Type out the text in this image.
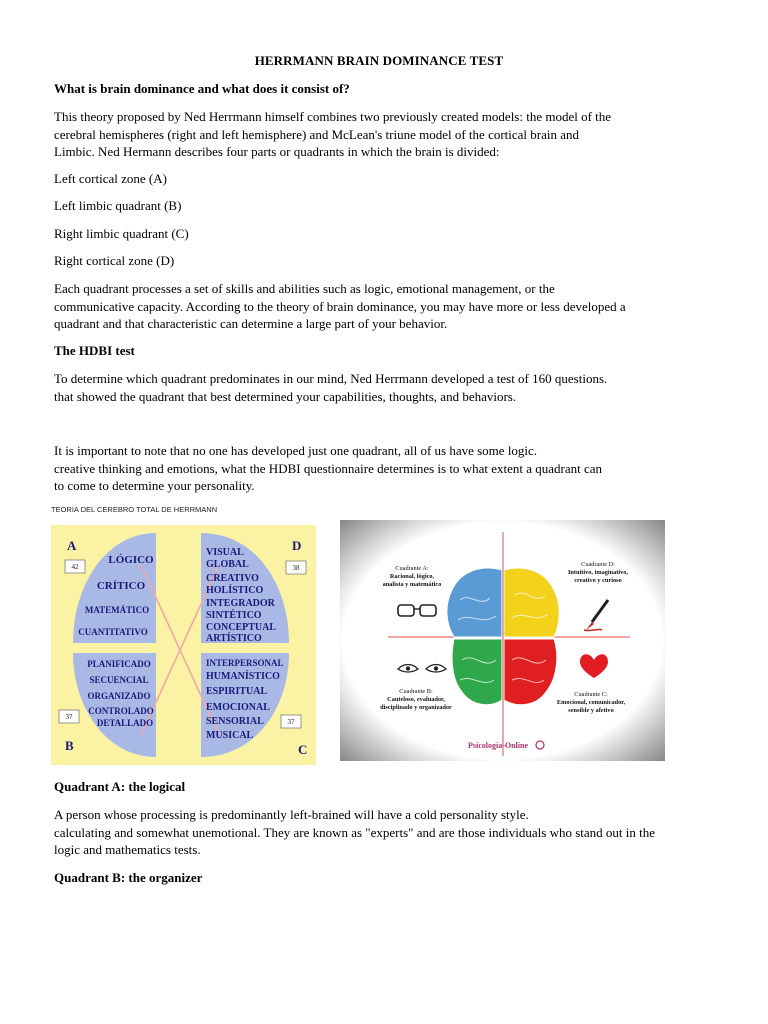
HERRMANN BRAIN DOMINANCE TEST
What is brain dominance and what does it consist of?
This theory proposed by Ned Herrmann himself combines two previously created models: the model of the
cerebral hemispheres (right and left hemisphere) and McLean's triune model of the cortical brain and
Limbic. Ned Hermann describes four parts or quadrants in which the brain is divided:
Left cortical zone (A)
Left limbic quadrant (B)
Right limbic quadrant (C)
Right cortical zone (D)
Each quadrant processes a set of skills and abilities such as logic, emotional management, or the
communicative capacity. According to the theory of brain dominance, you may have more or less developed a
quadrant and that characteristic can determine a large part of your behavior.
The HDBI test
To determine which quadrant predominates in our mind, Ned Herrmann developed a test of 160 questions.
that showed the quadrant that best determined your capabilities, thoughts, and behaviors.
It is important to note that no one has developed just one quadrant, all of us have some logic.
creative thinking and emotions, what the HDBI questionnaire determines is to what extent a quadrant can
to come to determine your personality.
TEORIA DEL CEREBRO TOTAL DE HERRMANN
A
B	C
D
LÓGICO
CRÍTICO
MATEMÁTICO
CUANTITATIVO
PLANIFICADO
SECUENCIAL
ORGANIZADO
CONTROLADO
DETALLADO
INTERPERSONAL
HUMANÍSTICO
ESPIRITUAL
EMOCIONAL
SENSORIAL
MUSICAL
VISUAL
GLOBAL
CREATIVO
HOLÍSTICO
INTEGRADOR
SINTÉTICO
CONCEPTUAL
ARTÍSTICO
42
37
37
38	Cuadrante A:
Racional, lógico,
analista y matemático
Cuadrante D:
Intuitivo, imaginativo,
creativo y curioso
Cuadrante B:
Cauteloso, evaluador,
disciplinado y organizador
Cuadrante C:
Emocional, comunicador,
sensible y afetivo
Psicología-Online
Quadrant A: the logical
A person whose processing is predominantly left-brained will have a cold personality style.
calculating and somewhat unemotional. They are known as "experts" and are those individuals who stand out in the
logic and mathematics tests.
Quadrant B: the organizer
